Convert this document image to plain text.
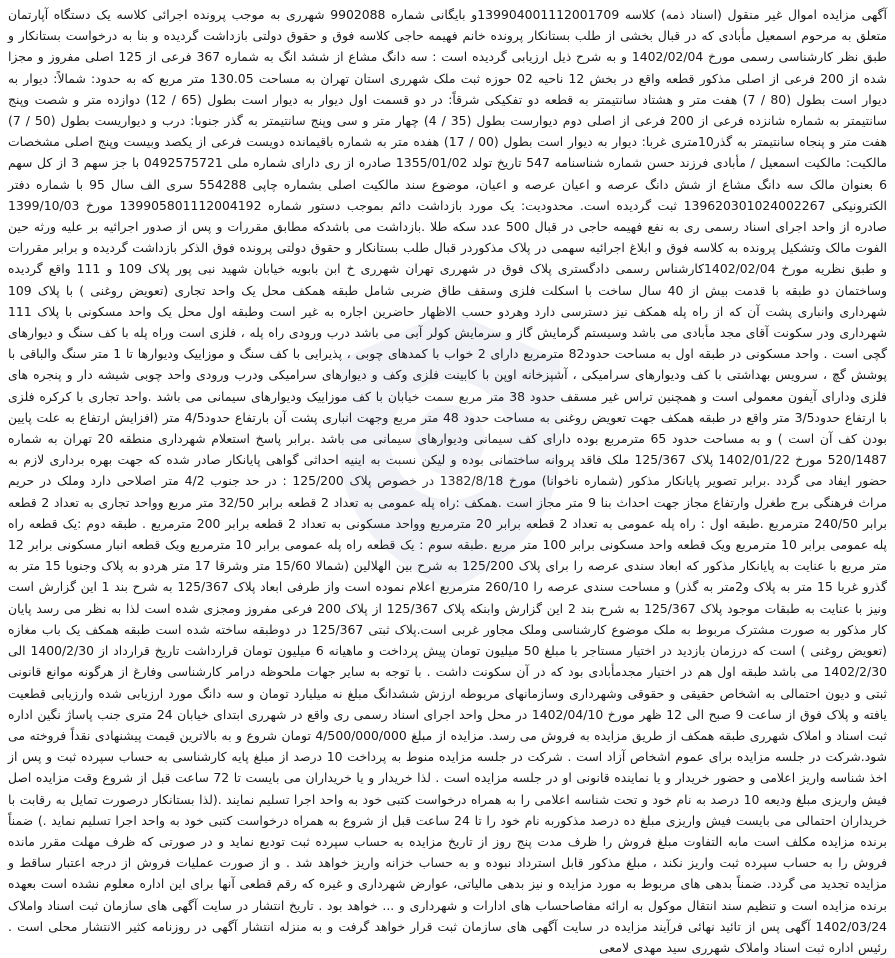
آگهی مزایده اموال غیر منقول (اسناد ذمه) کلاسه 139904001112001709و بایگانی شماره 9902088 شهرری به موجب پرونده اجرائی کلاسه یک دستگاه آپارتمان متعلق به مرحوم اسمعیل مأبادی که در قبال بخشی از طلب بستانکار پرونده خانم فهیمه حاجی کلاسه فوق و حقوق دولتی بازداشت گردیده و بنا به درخواست بستانکار و طبق نظر کارشناسی رسمی مورخ 1402/02/04 و به شرح ذیل ارزیابی گردیده است : سه دانگ مشاع از ششد انگ به شماره 367 فرعی از 125 اصلی مفروز و مجزا شده از 200 فرعی از اصلی مذکور قطعه واقع در بخش 12 ناحیه 02 حوزه ثبت ملک شهرری استان تهران به مساحت 130.05 متر مربع که به حدود: شمالاً: دیوار به دیوار است بطول (80 / 7) هفت متر و هشتاد سانتیمتر به قطعه دو تفکیکی شرقاً: در دو قسمت اول دیوار به دیوار است بطول (65 / 12) دوازده متر و شصت وپنج سانتیمتر به شماره شانزده فرعی از 200 فرعی از اصلی دوم دیوارست بطول (35 / 4) چهار متر و سی وپنج سانتیمتر به گذر جنوبا: درب و دیواریست بطول (50 / 7) هفت متر و پنجاه سانتیمتر به گذر10متری غربا: دیوار به دیوار است بطول (00 / 17) هفده متر به شماره باقیمانده دویست فرعی از یکصد وبیست وپنج اصلی مشخصات مالکیت: مالکیت اسمعیل / مأبادی فرزند حسن شماره شناسنامه 547 تاریخ تولد 1355/01/02 صادره از ری دارای شماره ملی 0492575721 با جز سهم 3 از کل سهم 6 بعنوان مالک سه دانگ مشاع از شش دانگ عرصه و اعیان عرصه و اعیان، موضوع سند مالکیت اصلی بشماره چاپی 554288 سری الف سال 95 با شماره دفتر الکترونیکی 139620301024002267 ثبت گردیده است. محدودیت: یک مورد بازداشت دائم بموجب دستور شماره 139905801112004192 مورخ 1399/10/03 صادره از واحد اجرای اسناد رسمی ری به نفع فهیمه حاجی در قبال 500 عدد سکه طلا .بازداشت می باشدکه مطابق مقررات و پس از صدور اجرائیه بر علیه ورثه حین الفوت مالک وتشکیل پرونده به کلاسه فوق و ابلاغ اجرائیه سهمی در پلاک مذکوردر قبال طلب بستانکار و حقوق دولتی پرونده فوق الذکر بازداشت گردیده و برابر مقررات و طبق نظریه مورخ 1402/02/04کارشناس رسمی دادگستری پلاک فوق در شهرری تهران شهرری خ ابن بابویه خیابان شهید نبی پور پلاک 109 و 111 واقع گردیده وساختمان دو طبقه با قدمت بیش از 40 سال ساخت با اسکلت فلزی وسقف طاق ضربی شامل طبقه همکف محل یک واحد تجاری (تعویض روغنی ) با پلاک 109 شهرداری وانباری پشت آن که از راه پله همکف نیز دسترسی دارد وهردو حسب الاظهار حاضرین اجاره به غیر است وطبقه اول محل یک واحد مسکونی با پلاک 111 شهرداری ودر سکونت آقای مجد مأبادی می باشد وسیستم گرمایش گاز و سرمایش کولر آبی می باشد درب ورودی راه پله ، فلزی است وراه پله با کف سنگ و دیوارهای گچی است . واحد مسکونی در طبقه اول به مساحت حدود82 مترمربع دارای 2 خواب با کمدهای چوبی ، پذیرایی با کف سنگ و موزاییک ودیوارها تا 1 متر سنگ والباقی با پوشش گچ ، سرویس بهداشتی با کف ودیوارهای سرامیکی ، آشپزخانه اوپن با کابینت فلزی وکف و دیوارهای سرامیکی ودرب ورودی واحد چوبی شیشه دار و پنجره های فلزی ودارای آیفون معمولی است و همچنین تراس غیر مسقف حدود 38 متر مربع سمت خیابان با کف موزاییک ودیوارهای سیمانی می باشد .واحد تجاری با کرکره فلزی با ارتفاع حدود3/5 متر واقع در طبقه همکف جهت تعویض روغنی به مساحت حدود 48 متر مربع وجهت انباری پشت آن بارتفاع حدود4/5 متر (افزایش ارتفاع به علت پایین بودن کف آن است ) و به مساحت حدود 65 مترمربع بوده دارای کف سیمانی ودیوارهای سیمانی می باشد .برابر پاسخ استعلام شهرداری منطقه 20 تهران به شماره 520/1487 مورخ 1402/01/22 پلاک 125/367 ملک فاقد پروانه ساختمانی بوده و لیکن نسبت به اینیه احداثی گواهی پایانکار صادر شده که جهت بهره برداری لازم به حضور ایفاد می گردد .برابر تصویر پایانکار مذکور (شماره ناخوانا) مورخ 1382/8/18 در خصوص پلاک 125/200 : در حد جنوب 4/2 متر اصلاحی دارد وملک در حریم مراث فرهنگی برج طغرل وارتفاع مجاز جهت احداث بنا 9 متر مجاز است .همکف :راه پله عمومی به تعداد 2 قطعه برابر 32/50 متر مربع وواحد تجاری به تعداد 2 قطعه برابر 240/50 مترمربع .طبقه اول : راه پله عمومی به تعداد 2 قطعه برابر 20 مترمربع وواحد مسکونی به تعداد 2 قطعه برابر 200 مترمربع . طبقه دوم :یک قطعه راه پله عمومی برابر 10 مترمربع ویک قطعه واحد مسکونی برابر 100 متر مربع .طبقه سوم : یک قطعه راه پله عمومی برابر 10 مترمربع ویک قطعه انبار مسکونی برابر 12 متر مربع با عنایت به پایانکار مذکور که ابعاد سندی عرصه را برای پلاک 125/200 به شرح بین الهلالین (شمالا 15/60 متر وشرقا 17 متر هردو به پلاک وجنوبا 15 متر به گذرو غربا 15 متر به پلاک و2متر به گذر) و مساحت سندی عرصه را 260/10 مترمربع اعلام نموده است واز طرفی ابعاد پلاک 125/367 به شرح بند 1 این گزارش است ونیز با عنایت به طبقات موجود پلاک 125/367 به شرح بند 2 این گزارش وابنکه پلاک 125/367 از پلاک 200 فرعی مفروز ومجزی شده است لذا به نظر می رسد پایان کار مذکور به صورت مشترک مربوط به ملک موضوع کارشناسی وملک مجاور غربی است.پلاک ثبتی 125/367 در دوطبقه ساخته شده است طبقه همکف یک باب مغازه (تعویض روغنی ) است که درزمان بازدید در اختیار مستاجر با مبلغ 50 میلیون تومان پیش پرداخت و ماهیانه 6 میلیون تومان قرارداشت تاریخ قرارداد از 1400/2/30 الی 1402/2/30 می باشد طبقه اول هم در اختیار مجدمأبادی بود که در آن سکونت داشت . با توجه به سایر جهات ملحوظه درامر کارشناسی وفارغ از هرگونه موانع قانونی ثبتی و دیون احتمالی به اشخاص حقیقی و حقوقی وشهرداری وسازمانهای مربوطه ارزش ششدانگ مبلغ نه میلیارد تومان و سه دانگ مورد ارزیابی شده وارزیابی قطعیت یافته و پلاک فوق از ساعت 9 صبح الی 12 ظهر مورخ 1402/04/10 در محل واحد اجرای اسناد رسمی ری واقع در شهرری ابتدای خیابان 24 متری جنب پاساژ نگین اداره ثبت اسناد و املاک شهرری طبقه همکف از طریق مزایده به فروش می رسد. مزایده از مبلغ 4/500/000/000 تومان شروع و به بالاترین قیمت پیشنهادی نقداً فروخته می شود.شرکت در جلسه مزایده برای عموم اشخاص آزاد است . شرکت در جلسه مزایده منوط به پرداخت 10 درصد از مبلغ پایه کارشناسی به حساب سپرده ثبت و پس از اخذ شناسه واریز اعلامی و حضور خریدار و یا نماینده قانونی او در جلسه مزایده است . لذا خریدار و یا خریداران می بایست تا 72 ساعت قبل از شروع وقت مزایده اصل فیش واریزی مبلغ ودیعه 10 درصد به نام خود و تحت شناسه اعلامی را به همراه درخواست کتبی خود به واحد اجرا تسلیم نمایند .(لذا بستانکار درصورت تمایل به رقابت با خریداران احتمالی می بایست فیش واریزی مبلغ ده درصد مذکوربه نام خود را تا 24 ساعت قبل از شروع به همراه درخواست کتبی خود به واحد اجرا تسلیم نماید .) ضمناً برنده مزایده مکلف است مابه التفاوت مبلغ فروش را ظرف مدت پنج روز از تاریخ مزایده به حساب سپرده ثبت تودیع نماید و در صورتی که ظرف مهلت مقرر مانده فروش را به حساب سپرده ثبت واریز نکند ، مبلغ مذکور قابل استرداد نبوده و به حساب خزانه واریز خواهد شد . و از صورت عملیات فروش از درجه اعتبار ساقط و مزایده تجدید می گردد. ضمناً بدهی های مربوط به مورد مزایده و نیز بدهی مالیاتی، عوارض شهرداری و غیره که رقم قطعی آنها برای این اداره معلوم نشده است بعهده برنده مزایده است و تنظیم سند انتقال موکول به ارائه مفاصاحساب های ادارات و شهرداری و ... خواهد بود . تاریخ انتشار در سایت آگهی های سازمان ثبت اسناد واملاک 1402/03/24 آگهی پس از تائید نهائی فرآیند مزایده در سایت آگهی های سازمان ثبت قرار خواهد گرفت و به منزله انتشار آگهی در روزنامه کثیر الانتشار محلی است . رئیس اداره ثبت اسناد واملاک شهرری سید مهدی لامعی
